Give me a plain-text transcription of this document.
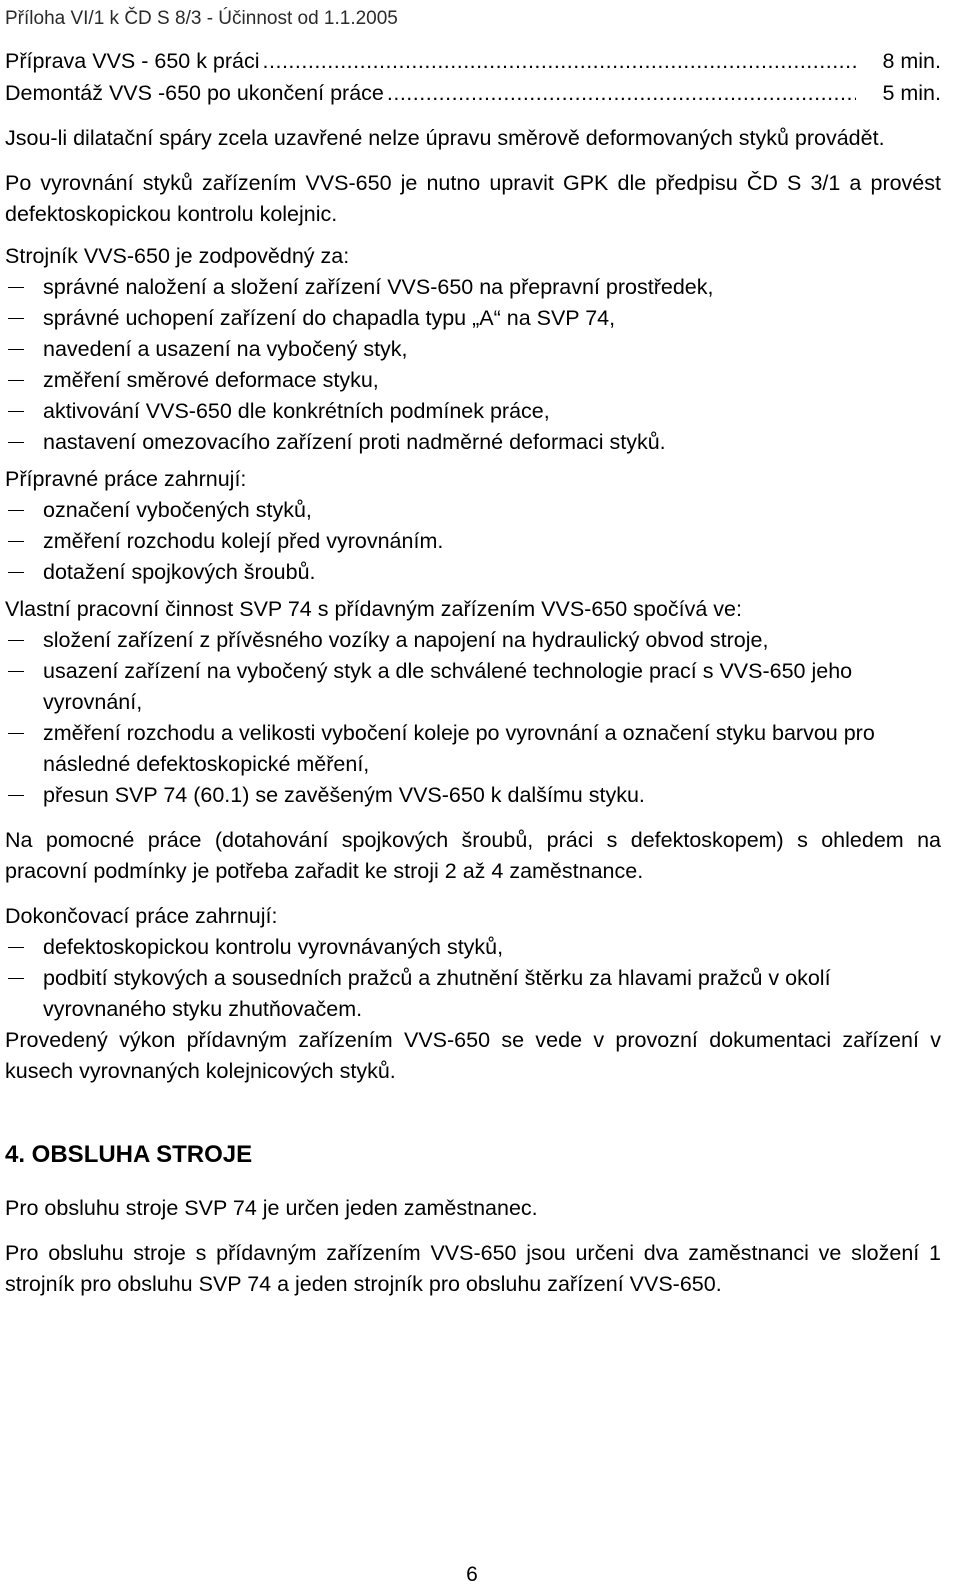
Příloha VI/1 k ČD S 8/3 - Účinnost od 1.1.2005
Příprava VVS - 650 k práci .....	8 min.
Demontáž VVS -650 po ukončení práce .....	5 min.

Jsou-li dilatační spáry zcela uzavřené nelze úpravu směrově deformovaných styků provádět.

Po vyrovnání styků zařízením VVS-650 je nutno upravit GPK dle předpisu ČD S 3/1 a provést defektoskopickou kontrolu kolejnic.

Strojník VVS-650 je zodpovědný za:

správné naložení a složení zařízení VVS-650 na přepravní prostředek,
správné uchopení zařízení do chapadla typu „A“ na SVP 74,
navedení a usazení na vybočený styk,
změření směrové deformace styku,
aktivování VVS-650 dle konkrétních podmínek práce,
nastavení omezovacího zařízení proti nadměrné deformaci styků.

Přípravné práce zahrnují:

označení vybočených styků,
změření rozchodu kolejí před vyrovnáním.
dotažení spojkových šroubů.

Vlastní pracovní činnost SVP 74 s přídavným zařízením VVS-650 spočívá ve:

složení zařízení z přívěsného vozíky a napojení na hydraulický obvod stroje,
usazení zařízení na vybočený styk a dle schválené technologie prací s VVS-650 jeho vyrovnání,
změření rozchodu a velikosti vybočení koleje po vyrovnání a označení styku barvou pro následné defektoskopické měření,
přesun SVP 74 (60.1) se zavěšeným VVS-650 k dalšímu styku.

Na pomocné práce (dotahování spojkových šroubů, práci s defektoskopem) s ohledem na pracovní podmínky je potřeba zařadit ke stroji 2 až 4 zaměstnance.

Dokončovací práce zahrnují:

defektoskopickou kontrolu vyrovnávaných styků,
podbití stykových a sousedních pražců a zhutnění štěrku za hlavami pražců v okolí vyrovnaného styku zhutňovačem.

Provedený výkon přídavným zařízením VVS-650 se vede v provozní dokumentaci zařízení v kusech vyrovnaných kolejnicových styků.

4. OBSLUHA STROJE

Pro obsluhu stroje SVP 74 je určen jeden zaměstnanec.

Pro obsluhu stroje s přídavným zařízením VVS-650 jsou určeni dva zaměstnanci ve složení 1 strojník pro obsluhu SVP 74 a jeden strojník pro obsluhu zařízení VVS-650.

6
